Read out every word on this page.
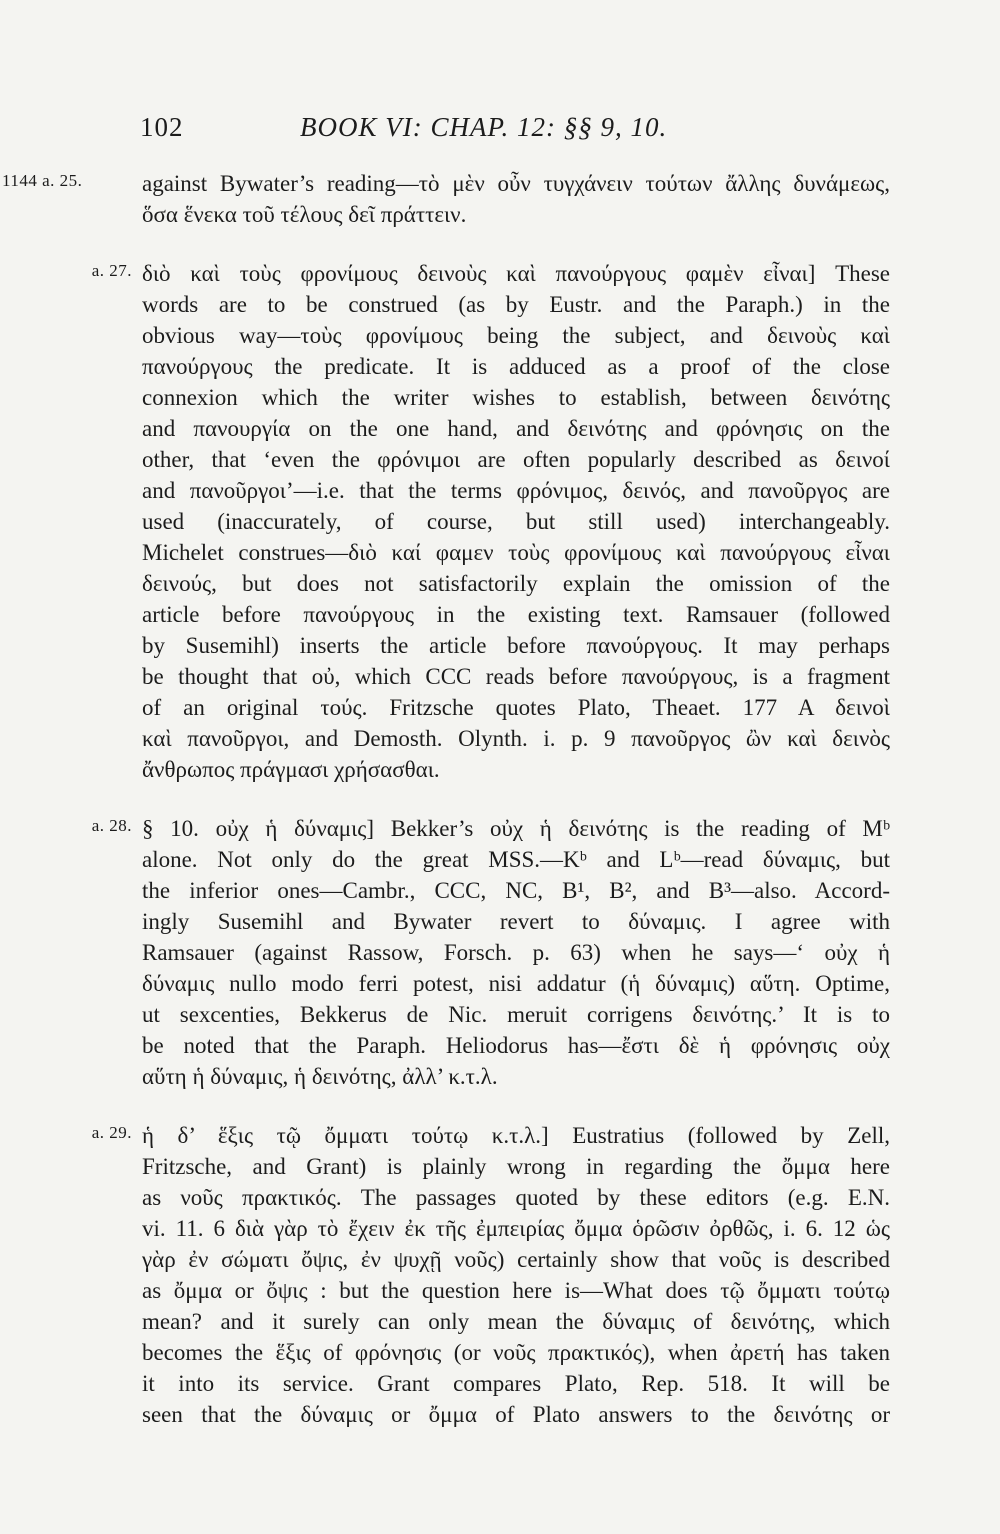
102	BOOK VI: CHAP. 12: §§ 9, 10.
1144 a. 25.	against Bywater’s reading—τὸ μὲν οὖν τυγχάνειν τούτων ἄλλης δυνάμεως,
ὅσα ἕνεκα τοῦ τέλους δεῖ πράττειν.
a. 27. διὸ καὶ τοὺς φρονίμους δεινοὺς καὶ πανούργους φαμὲν εἶναι] These
words are to be construed (as by Eustr. and the Paraph.) in the
obvious way—τοὺς φρονίμους being the subject, and δεινοὺς καὶ
πανούργους the predicate. It is adduced as a proof of the close
connexion which the writer wishes to establish, between δεινότης
and πανουργία on the one hand, and δεινότης and φρόνησις on the
other, that ‘even the φρόνιμοι are often popularly described as δεινοί
and πανοῦργοι’—i.e. that the terms φρόνιμος, δεινός, and πανοῦργος are
used (inaccurately, of course, but still used) interchangeably.
Michelet construes—διὸ καί φαμεν τοὺς φρονίμους καὶ πανούργους εἶναι
δεινούς, but does not satisfactorily explain the omission of the
article before πανούργους in the existing text. Ramsauer (followed
by Susemihl) inserts the article before πανούργους. It may perhaps
be thought that οὐ, which CCC reads before πανούργους, is a fragment
of an original τούς. Fritzsche quotes Plato, Theaet. 177 A δεινοὶ
καὶ πανοῦργοι, and Demosth. Olynth. i. p. 9 πανοῦργος ὢν καὶ δεινὸς
ἄνθρωπος πράγμασι χρήσασθαι.
a. 28. § 10. οὐχ ἡ δύναμις] Bekker’s οὐχ ἡ δεινότης is the reading of Mᵇ
alone. Not only do the great MSS.—Kᵇ and Lᵇ—read δύναμις, but
the inferior ones—Cambr., CCC, NC, B¹, B², and B³—also. Accord-
ingly Susemihl and Bywater revert to δύναμις. I agree with
Ramsauer (against Rassow, Forsch. p. 63) when he says—‘ οὐχ ἡ
δύναμις nullo modo ferri potest, nisi addatur (ἡ δύναμις) αὕτη. Optime,
ut sexcenties, Bekkerus de Nic. meruit corrigens δεινότης.’ It is to
be noted that the Paraph. Heliodorus has—ἔστι δὲ ἡ φρόνησις οὐχ
αὕτη ἡ δύναμις, ἡ δεινότης, ἀλλ’ κ.τ.λ.
a. 29. ἡ δ’ ἕξις τῷ ὄμματι τούτῳ κ.τ.λ.] Eustratius (followed by Zell,
Fritzsche, and Grant) is plainly wrong in regarding the ὄμμα here
as νοῦς πρακτικός. The passages quoted by these editors (e.g. E.N.
vi. 11. 6 διὰ γὰρ τὸ ἔχειν ἐκ τῆς ἐμπειρίας ὄμμα ὁρῶσιν ὀρθῶς, i. 6. 12 ὡς
γὰρ ἐν σώματι ὄψις, ἐν ψυχῇ νοῦς) certainly show that νοῦς is described
as ὄμμα or ὄψις : but the question here is—What does τῷ ὄμματι τούτῳ
mean? and it surely can only mean the δύναμις of δεινότης, which
becomes the ἕξις of φρόνησις (or νοῦς πρακτικός), when ἀρετή has taken
it into its service. Grant compares Plato, Rep. 518. It will be
seen that the δύναμις or ὄμμα of Plato answers to the δεινότης or
